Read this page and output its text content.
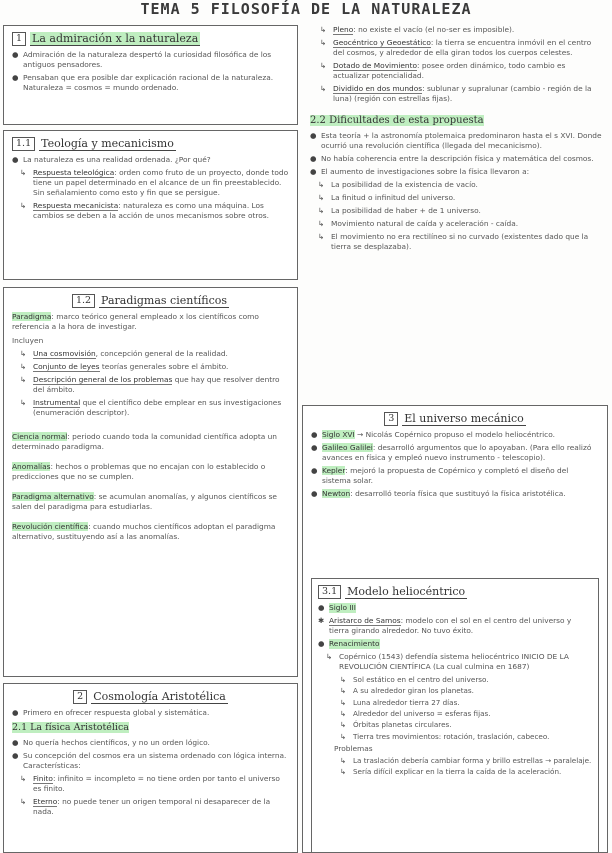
TEMA 5 FILOSOFÍA DE LA NATURALEZA
1 La admiración x la naturaleza
● Admiración de la naturaleza despertó la curiosidad filosófica de los antiguos pensadores.
● Pensaban que era posible dar explicación racional de la naturaleza. Naturaleza = cosmos = mundo ordenado.
1.1 Teología y mecanicismo
● La naturaleza es una realidad ordenada. ¿Por qué?
↳ Respuesta teleológica: orden como fruto de un proyecto, donde todo tiene un papel determinado en el alcance de un fin preestablecido. Sin señalamiento como esto y fin que se persigue.
↳ Respuesta mecanicista: naturaleza es como una máquina. Los cambios se deben a la acción de unos mecanismos sobre otros.
1.2 Paradigmas científicos
Paradigma: marco teórico general empleado x los científicos como referencia a la hora de investigar.
Incluyen
↳ Una cosmovisión, concepción general de la realidad.
↳ Conjunto de leyes teorías generales sobre el ámbito.
↳ Descripción general de los problemas que hay que resolver dentro del ámbito.
↳ Instrumental que el científico debe emplear en sus investigaciones (enumeración descriptor).
Ciencia normal: periodo cuando toda la comunidad científica adopta un determinado paradigma.
Anomalías: hechos o problemas que no encajan con lo establecido o predicciones que no se cumplen.
Paradigma alternativo: se acumulan anomalías, y algunos científicos se salen del paradigma para estudiarlas.
Revolución científica: cuando muchos científicos adoptan el paradigma alternativo, sustituyendo así a las anomalías.
2 Cosmología Aristotélica
● Primero en ofrecer respuesta global y sistemática.
2.1 La física Aristotélica
● No quería hechos científicos, y no un orden lógico.
● Su concepción del cosmos era un sistema ordenado con lógica interna. Características:
↳ Finito: infinito = incompleto = no tiene orden por tanto el universo es finito.
↳ Eterno: no puede tener un origen temporal ni desaparecer de la nada.
↳ Pleno: no existe el vacío (el no-ser es imposible).
↳ Geocéntrico y Geoestático: la tierra se encuentra inmóvil en el centro del cosmos, y alrededor de ella giran todos los cuerpos celestes.
↳ Dotado de Movimiento: posee orden dinámico, todo cambio es actualizar potencialidad.
↳ Dividido en dos mundos: sublunar y supralunar (cambio - región de la luna) (región con estrellas fijas).
2.2 Dificultades de esta propuesta
● Esta teoría + la astronomía ptolemaica predominaron hasta el s XVI. Donde ocurrió una revolución científica (llegada del mecanicismo).
● No había coherencia entre la descripción física y matemática del cosmos.
● El aumento de investigaciones sobre la física llevaron a:
↳ La posibilidad de la existencia de vacío.
↳ La finitud o infinitud del universo.
↳ La posibilidad de haber + de 1 universo.
↳ Movimiento natural de caída y aceleración - caída.
↳ El movimiento no era rectilíneo si no curvado (existentes dado que la tierra se desplazaba).
3 El universo mecánico
● Siglo XVI → Nicolás Copérnico propuso el modelo heliocéntrico.
● Galileo Galilei: desarrolló argumentos que lo apoyaban. (Para ello realizó avances en física y empleó nuevo instrumento - telescopio).
● Kepler: mejoró la propuesta de Copérnico y completó el diseño del sistema solar.
● Newton: desarrolló teoría física que sustituyó la física aristotélica.
3.1 Modelo heliocéntrico
● Siglo III
✱ Aristarco de Samos: modelo con el sol en el centro del universo y tierra girando alrededor. No tuvo éxito.
● Renacimiento
↳ Copérnico (1543) defendía sistema heliocéntrico INICIO DE LA REVOLUCIÓN CIENTÍFICA (La cual culmina en 1687)
↳ Sol estático en el centro del universo.
↳ A su alrededor giran los planetas.
↳ Luna alrededor tierra 27 días.
↳ Alrededor del universo = esferas fijas.
↳ Órbitas planetas circulares.
↳ Tierra tres movimientos: rotación, traslación, cabeceo.
Problemas
↳ La traslación debería cambiar forma y brillo estrellas → paralelaje.
↳ Sería difícil explicar en la tierra la caída de la aceleración.
